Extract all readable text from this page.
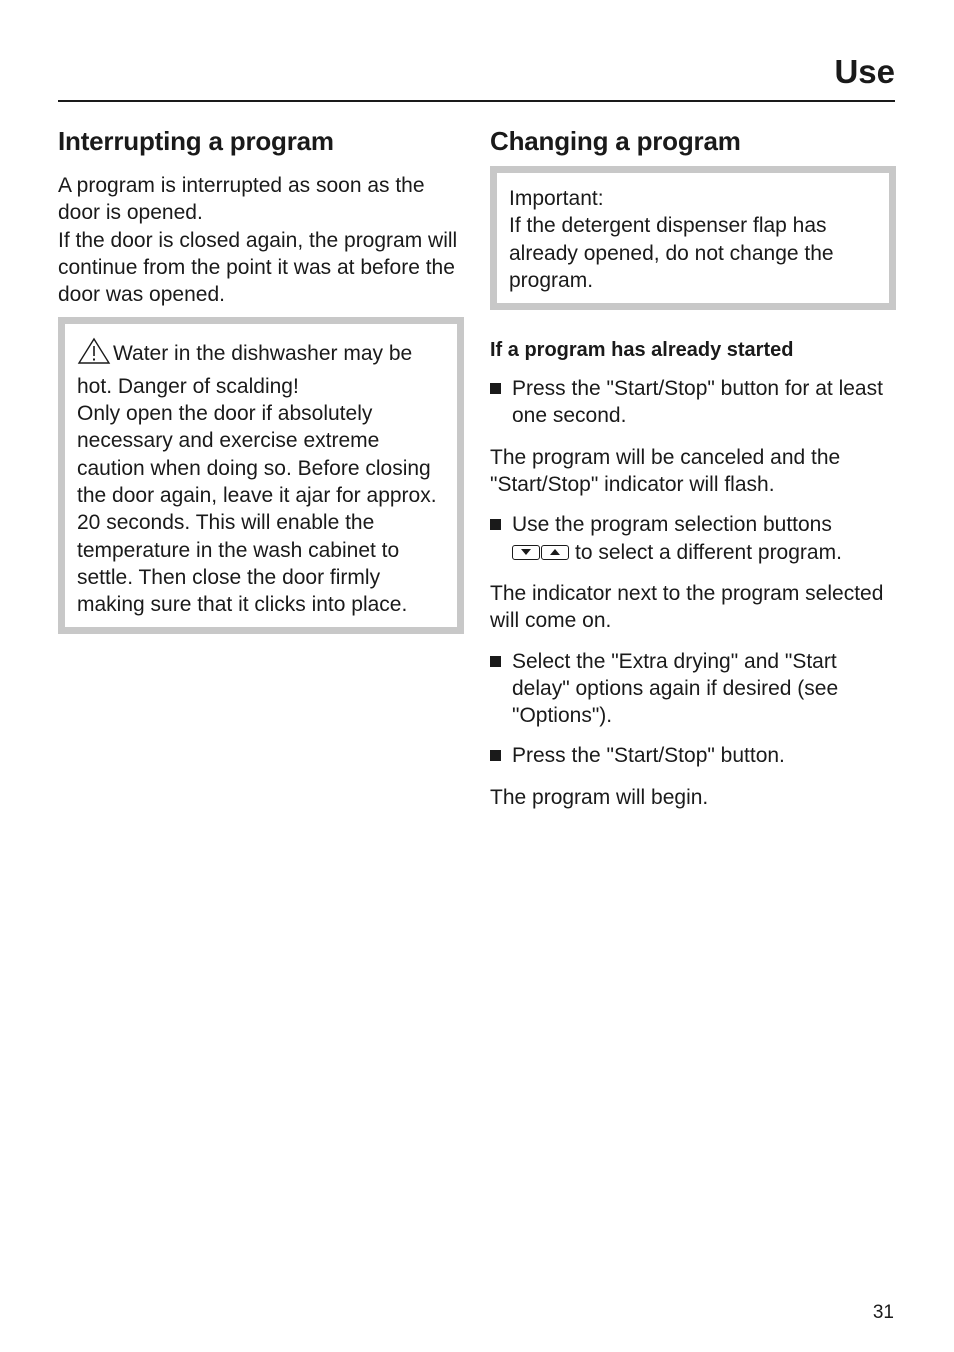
Use
Interrupting a program

A program is interrupted as soon as the door is opened.

If the door is closed again, the program will continue from the point it was at before the door was opened.

Water in the dishwasher may be hot. Danger of scalding!
Only open the door if absolutely necessary and exercise extreme caution when doing so. Before closing the door again, leave it ajar for approx. 20 seconds. This will enable the temperature in the wash cabinet to settle. Then close the door firmly making sure that it clicks into place.

Changing a program

Important:

If the detergent dispenser flap has already opened, do not change the program.

If a program has already started

Press the "Start/Stop" button for at least one second.

The program will be canceled and the "Start/Stop" indicator will flash.

Use the program selection buttons
to select a different program.

The indicator next to the program selected will come on.

Select the "Extra drying" and "Start delay" options again if desired (see "Options").

Press the "Start/Stop" button.

The program will begin.

31
